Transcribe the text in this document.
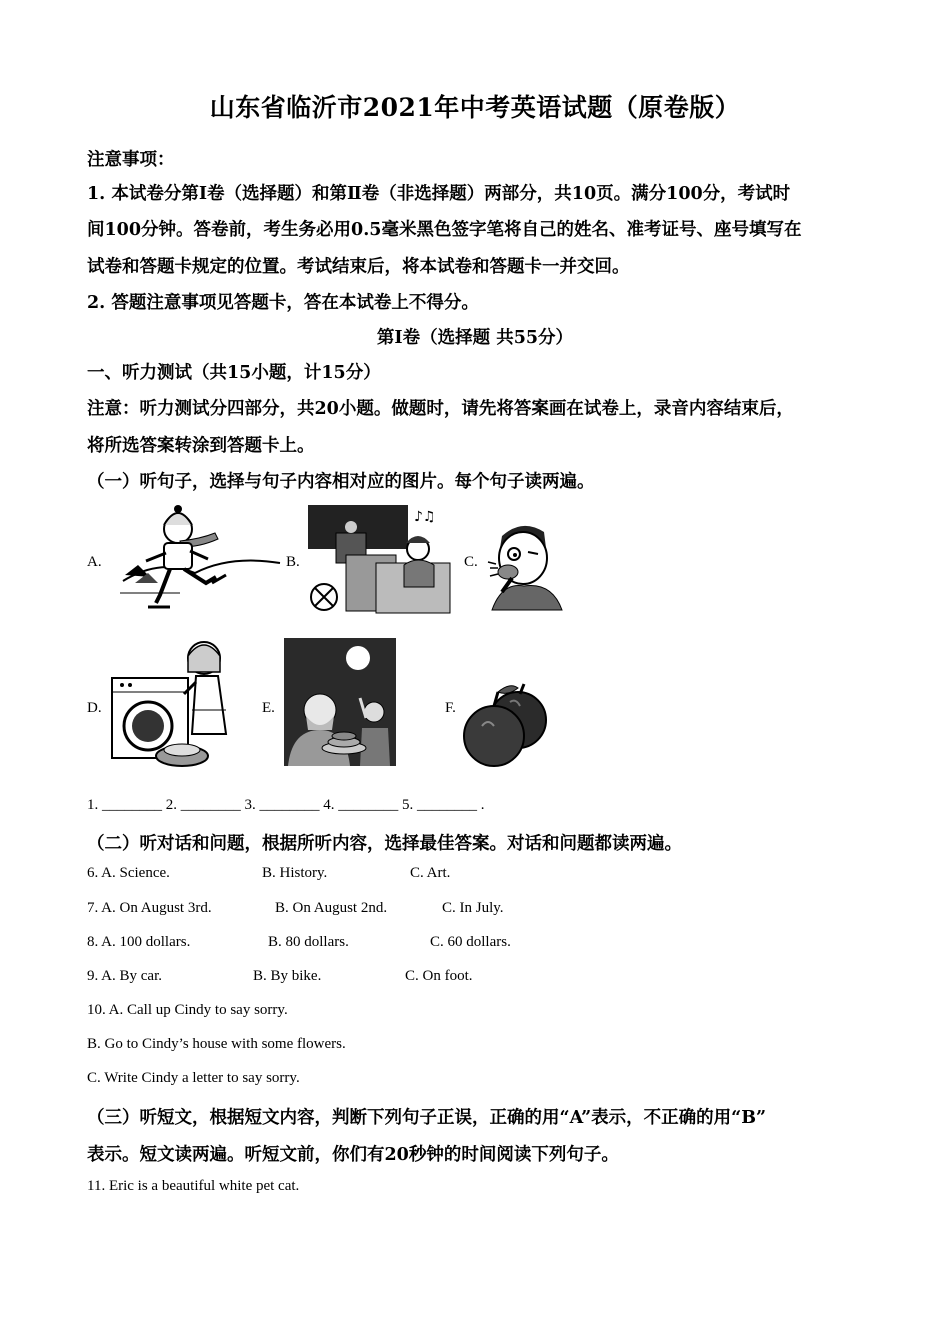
山东省临沂市2021年中考英语试题（原卷版）
注意事项：
1. 本试卷分第Ⅰ卷（选择题）和第Ⅱ卷（非选择题）两部分，共10页。满分100分，考试时
间100分钟。答卷前，考生务必用0.5毫米黑色签字笔将自己的姓名、准考证号、座号填写在
试卷和答题卡规定的位置。考试结束后，将本试卷和答题卡一并交回。
2. 答题注意事项见答题卡，答在本试卷上不得分。
第I卷（选择题 共55分）
一、听力测试（共15小题，计15分）
注意：听力测试分四部分，共20小题。做题时，请先将答案画在试卷上，录音内容结束后，
将所选答案转涂到答题卡上。
（一）听句子，选择与句子内容相对应的图片。每个句子读两遍。
A.	B.	C.
D.	E.	F.
♪♫
1. ________ 2. ________ 3. ________ 4. ________ 5. ________ .
（二）听对话和问题，根据所听内容，选择最佳答案。对话和问题都读两遍。
6. A. Science.	B. History.	C. Art.
7. A. On August 3rd.	B. On August 2nd.	C. In July.
8. A. 100 dollars.	B. 80 dollars.	C. 60 dollars.
9. A. By car.	B. By bike.	C. On foot.
10. A. Call up Cindy to say sorry.
B. Go to Cindy’s house with some flowers.
C. Write Cindy a letter to say sorry.
（三）听短文，根据短文内容，判断下列句子正误，正确的用“A”表示，不正确的用“B”
表示。短文读两遍。听短文前，你们有20秒钟的时间阅读下列句子。
11. Eric is a beautiful white pet cat.
